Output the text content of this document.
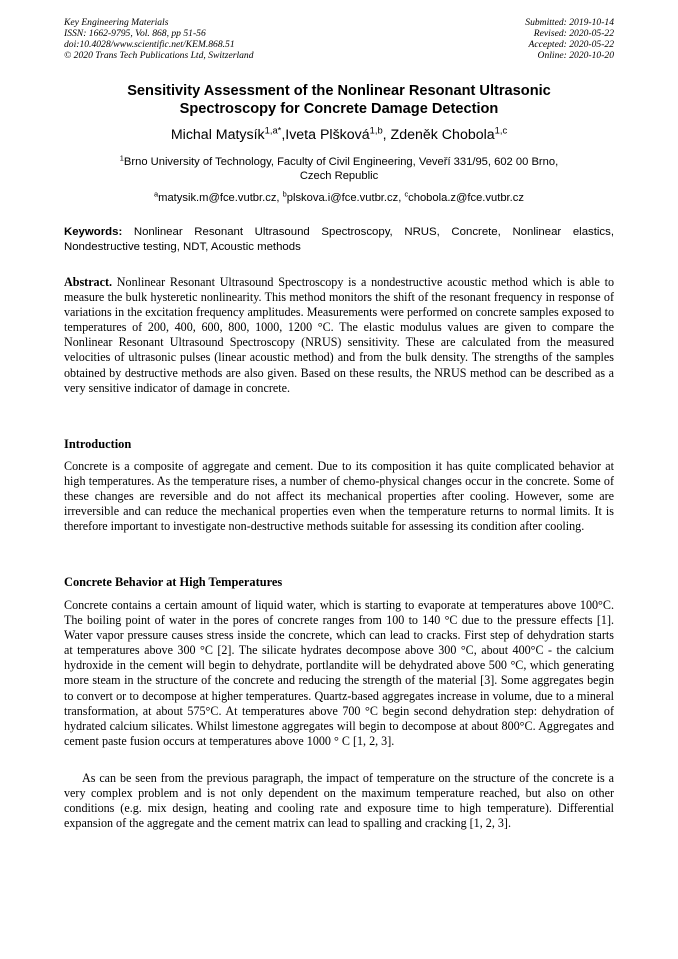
Key Engineering Materials
ISSN: 1662-9795, Vol. 868, pp 51-56
doi:10.4028/www.scientific.net/KEM.868.51
© 2020 Trans Tech Publications Ltd, Switzerland
Submitted: 2019-10-14
Revised: 2020-05-22
Accepted: 2020-05-22
Online: 2020-10-20
Sensitivity Assessment of the Nonlinear Resonant Ultrasonic
Spectroscopy for Concrete Damage Detection
Michal Matysík$^{1,a*}$,Iveta Plšková$^{1,b}$, Zdeněk Chobola$^{1,c}$
$^1$Brno University of Technology, Faculty of Civil Engineering, Veveří 331/95, 602 00 Brno,
Czech Republic
$^a$matysik.m@fce.vutbr.cz, $^b$plskova.i@fce.vutbr.cz, $^c$chobola.z@fce.vutbr.cz
Keywords: Nonlinear Resonant Ultrasound Spectroscopy, NRUS, Concrete, Nonlinear elastics, Nondestructive testing, NDT, Acoustic methods
Abstract. Nonlinear Resonant Ultrasound Spectroscopy is a nondestructive acoustic method which is able to measure the bulk hysteretic nonlinearity. This method monitors the shift of the resonant frequency in response of variations in the excitation frequency amplitudes. Measurements were performed on concrete samples exposed to temperatures of 200, 400, 600, 800, 1000, 1200 °C. The elastic modulus values are given to compare the Nonlinear Resonant Ultrasound Spectroscopy (NRUS) sensitivity. These are calculated from the measured velocities of ultrasonic pulses (linear acoustic method) and from the bulk density. The strengths of the samples obtained by destructive methods are also given. Based on these results, the NRUS method can be described as a very sensitive indicator of damage in concrete.
Introduction

Concrete is a composite of aggregate and cement. Due to its composition it has quite complicated behavior at high temperatures. As the temperature rises, a number of chemo-physical changes occur in the concrete. Some of these changes are reversible and do not affect its mechanical properties after cooling. However, some are irreversible and can reduce the mechanical properties even when the temperature returns to normal limits. It is therefore important to investigate non-destructive methods suitable for assessing its condition after cooling.

Concrete Behavior at High Temperatures

Concrete contains a certain amount of liquid water, which is starting to evaporate at temperatures above 100°C. The boiling point of water in the pores of concrete ranges from 100 to 140 °C due to the pressure effects [1]. Water vapor pressure causes stress inside the concrete, which can lead to cracks. First step of dehydration starts at temperatures above 300 °C [2]. The silicate hydrates decompose above 300 °C, about 400°C - the calcium hydroxide in the cement will begin to dehydrate, portlandite will be dehydrated above 500 °C, which generating more steam in the structure of the concrete and reducing the strength of the material [3]. Some aggregates begin to convert or to decompose at higher temperatures. Quartz-based aggregates increase in volume, due to a mineral transformation, at about 575°C. At temperatures above 700 °C begin second dehydration step: dehydration of hydrated calcium silicates. Whilst limestone aggregates will begin to decompose at about 800°C. Aggregates and cement paste fusion occurs at temperatures above 1000 ° C [1, 2, 3].

As can be seen from the previous paragraph, the impact of temperature on the structure of the concrete is a very complex problem and is not only dependent on the maximum temperature reached, but also on other conditions (e.g. mix design, heating and cooling rate and exposure time to high temperature). Differential expansion of the aggregate and the cement matrix can lead to spalling and cracking [1, 2, 3].
